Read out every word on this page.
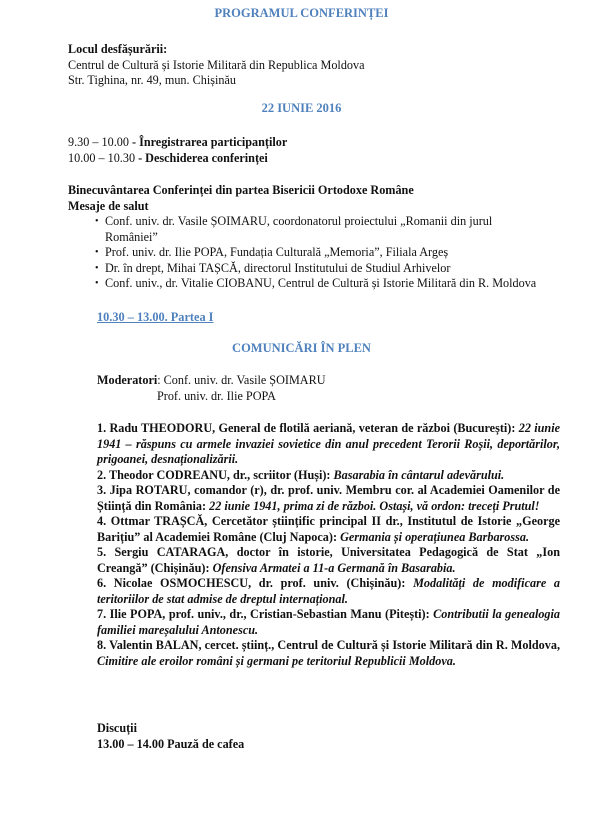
PROGRAMUL CONFERINȚEI
Locul desfășurării:
Centrul de Cultură și Istorie Militară din Republica Moldova
Str. Tighina, nr. 49, mun. Chișinău
22 IUNIE 2016
9.30 – 10.00 - Înregistrarea participanților
10.00 – 10.30 - Deschiderea conferinței
Binecuvântarea Conferinței din partea Bisericii Ortodoxe Române
Mesaje de salut
• Conf. univ. dr. Vasile ȘOIMARU, coordonatorul proiectului „Romanii din jurul
României”
• Prof. univ. dr. Ilie POPA, Fundația Culturală „Memoria”, Filiala Argeș
• Dr. în drept, Mihai TAȘCĂ, directorul Institutului de Studiul Arhivelor
• Conf. univ., dr. Vitalie CIOBANU, Centrul de Cultură și Istorie Militară din R. Moldova
10.30 – 13.00. Partea I
COMUNICĂRI ÎN PLEN
Moderatori: Conf. univ. dr. Vasile ȘOIMARU
Prof. univ. dr. Ilie POPA
1. Radu THEODORU, General de flotilă aeriană, veteran de război (București): 22 iunie 1941 – răspuns cu armele invaziei sovietice din anul precedent Terorii Roșii, deportărilor, prigoanei, desnaționalizării.
2. Theodor CODREANU, dr., scriitor (Huși): Basarabia în cântarul adevărului.
3. Jipa ROTARU, comandor (r), dr. prof. univ. Membru cor. al Academiei Oamenilor de Știință din România: 22 iunie 1941, prima zi de război. Ostași, vă ordon: treceți Prutul!
4. Ottmar TRAȘCĂ, Cercetător științific principal II dr., Institutul de Istorie „George Barițiu” al Academiei Române (Cluj Napoca): Germania și operațiunea Barbarossa.
5. Sergiu CATARAGA, doctor în istorie, Universitatea Pedagogică de Stat „Ion Creangă” (Chișinău): Ofensiva Armatei a 11-a Germană în Basarabia.
6. Nicolae OSMOCHESCU, dr. prof. univ. (Chișinău): Modalități de modificare a teritoriilor de stat admise de dreptul internațional.
7. Ilie POPA, prof. univ., dr., Cristian-Sebastian Manu (Pitești): Contributii la genealogia familiei mareșalului Antonescu.
8. Valentin BALAN, cercet. științ., Centrul de Cultură și Istorie Militară din R. Moldova, Cimitire ale eroilor români și germani pe teritoriul Republicii Moldova.
Discuții
13.00 – 14.00 Pauză de cafea
